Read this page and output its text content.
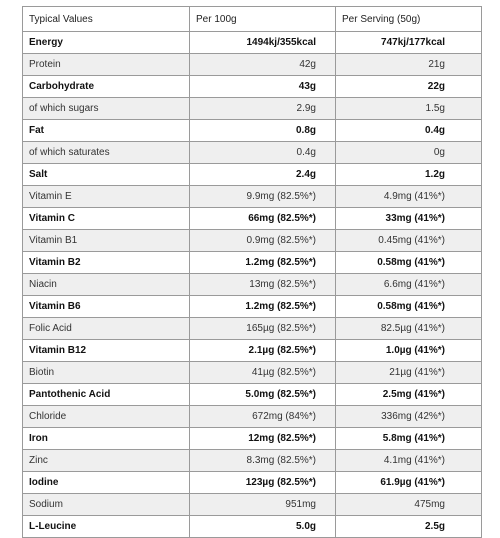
Typical Values	Per 100g	Per Serving (50g)
Energy	1494kj/355kcal	747kj/177kcal
Protein	42g	21g
Carbohydrate	43g	22g
of which sugars	2.9g	1.5g
Fat	0.8g	0.4g
of which saturates	0.4g	0g
Salt	2.4g	1.2g
Vitamin E	9.9mg (82.5%*)	4.9mg (41%*)
Vitamin C	66mg (82.5%*)	33mg (41%*)
Vitamin B1	0.9mg (82.5%*)	0.45mg (41%*)
Vitamin B2	1.2mg (82.5%*)	0.58mg (41%*)
Niacin	13mg (82.5%*)	6.6mg (41%*)
Vitamin B6	1.2mg (82.5%*)	0.58mg (41%*)
Folic Acid	165µg (82.5%*)	82.5µg (41%*)
Vitamin B12	2.1µg (82.5%*)	1.0µg (41%*)
Biotin	41µg (82.5%*)	21µg (41%*)
Pantothenic Acid	5.0mg (82.5%*)	2.5mg (41%*)
Chloride	672mg (84%*)	336mg (42%*)
Iron	12mg (82.5%*)	5.8mg (41%*)
Zinc	8.3mg (82.5%*)	4.1mg (41%*)
Iodine	123µg (82.5%*)	61.9µg (41%*)
Sodium	951mg	475mg
L-Leucine	5.0g	2.5g
